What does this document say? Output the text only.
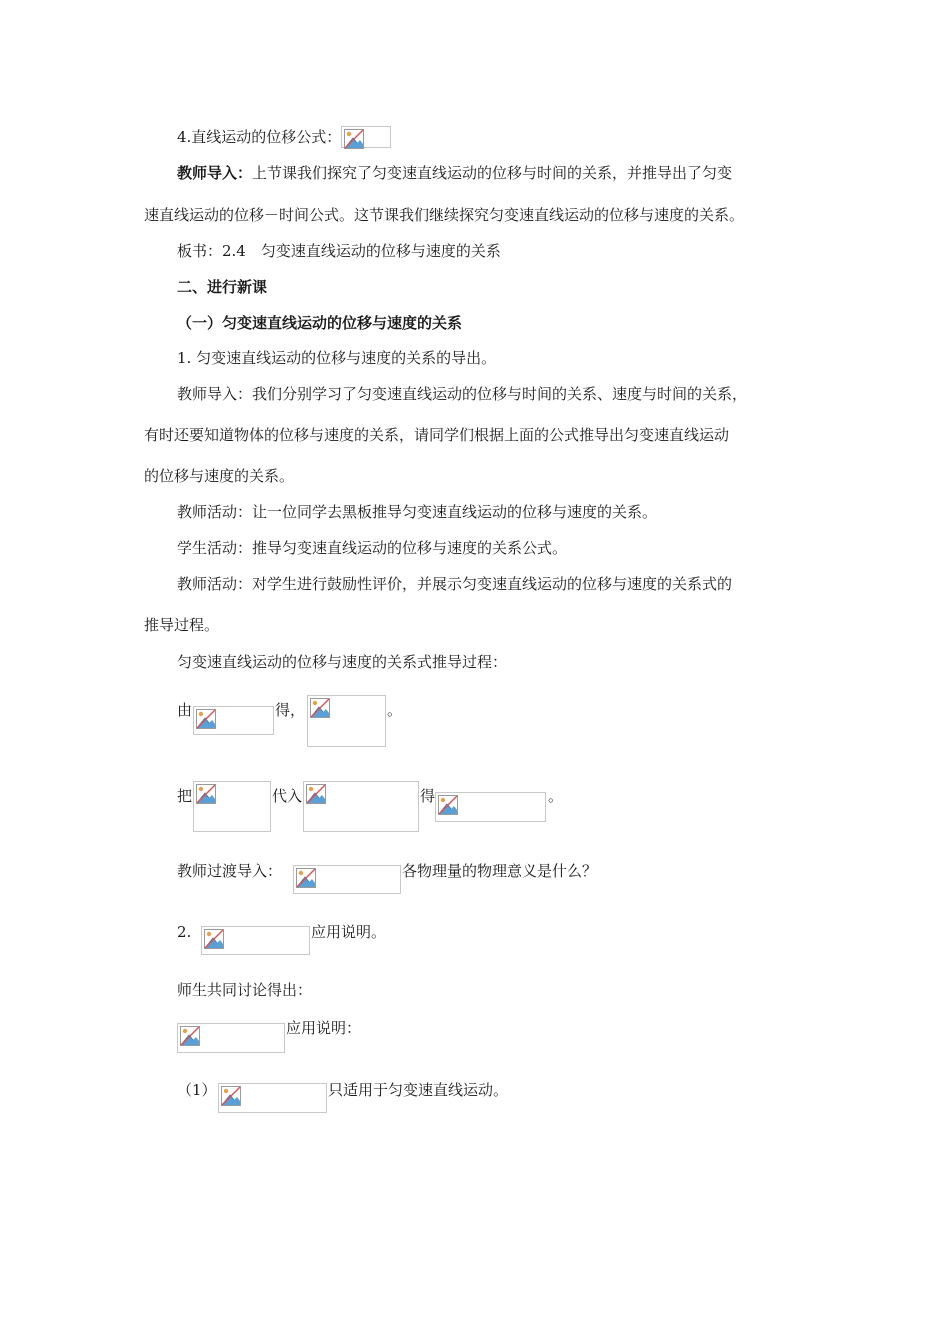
4.直线运动的位移公式：
教师导入： 上节课我们探究了匀变速直线运动的位移与时间的关系，并推导出了匀变
速直线运动的位移－时间公式。这节课我们继续探究匀变速直线运动的位移与速度的关系。
板书：2.4　匀变速直线运动的位移与速度的关系
二、进行新课
（一）匀变速直线运动的位移与速度的关系
1. 匀变速直线运动的位移与速度的关系的导出。
教师导入：我们分别学习了匀变速直线运动的位移与时间的关系、速度与时间的关系，
有时还要知道物体的位移与速度的关系，请同学们根据上面的公式推导出匀变速直线运动
的位移与速度的关系。
教师活动：让一位同学去黑板推导匀变速直线运动的位移与速度的关系。
学生活动：推导匀变速直线运动的位移与速度的关系公式。
教师活动：对学生进行鼓励性评价，并展示匀变速直线运动的位移与速度的关系式的
推导过程。
匀变速直线运动的位移与速度的关系式推导过程：
由	得，	。
把	代入	得	。
教师过渡导入：	各物理量的物理意义是什么？
2.	应用说明。
师生共同讨论得出：
应用说明：
（1）	只适用于匀变速直线运动。
